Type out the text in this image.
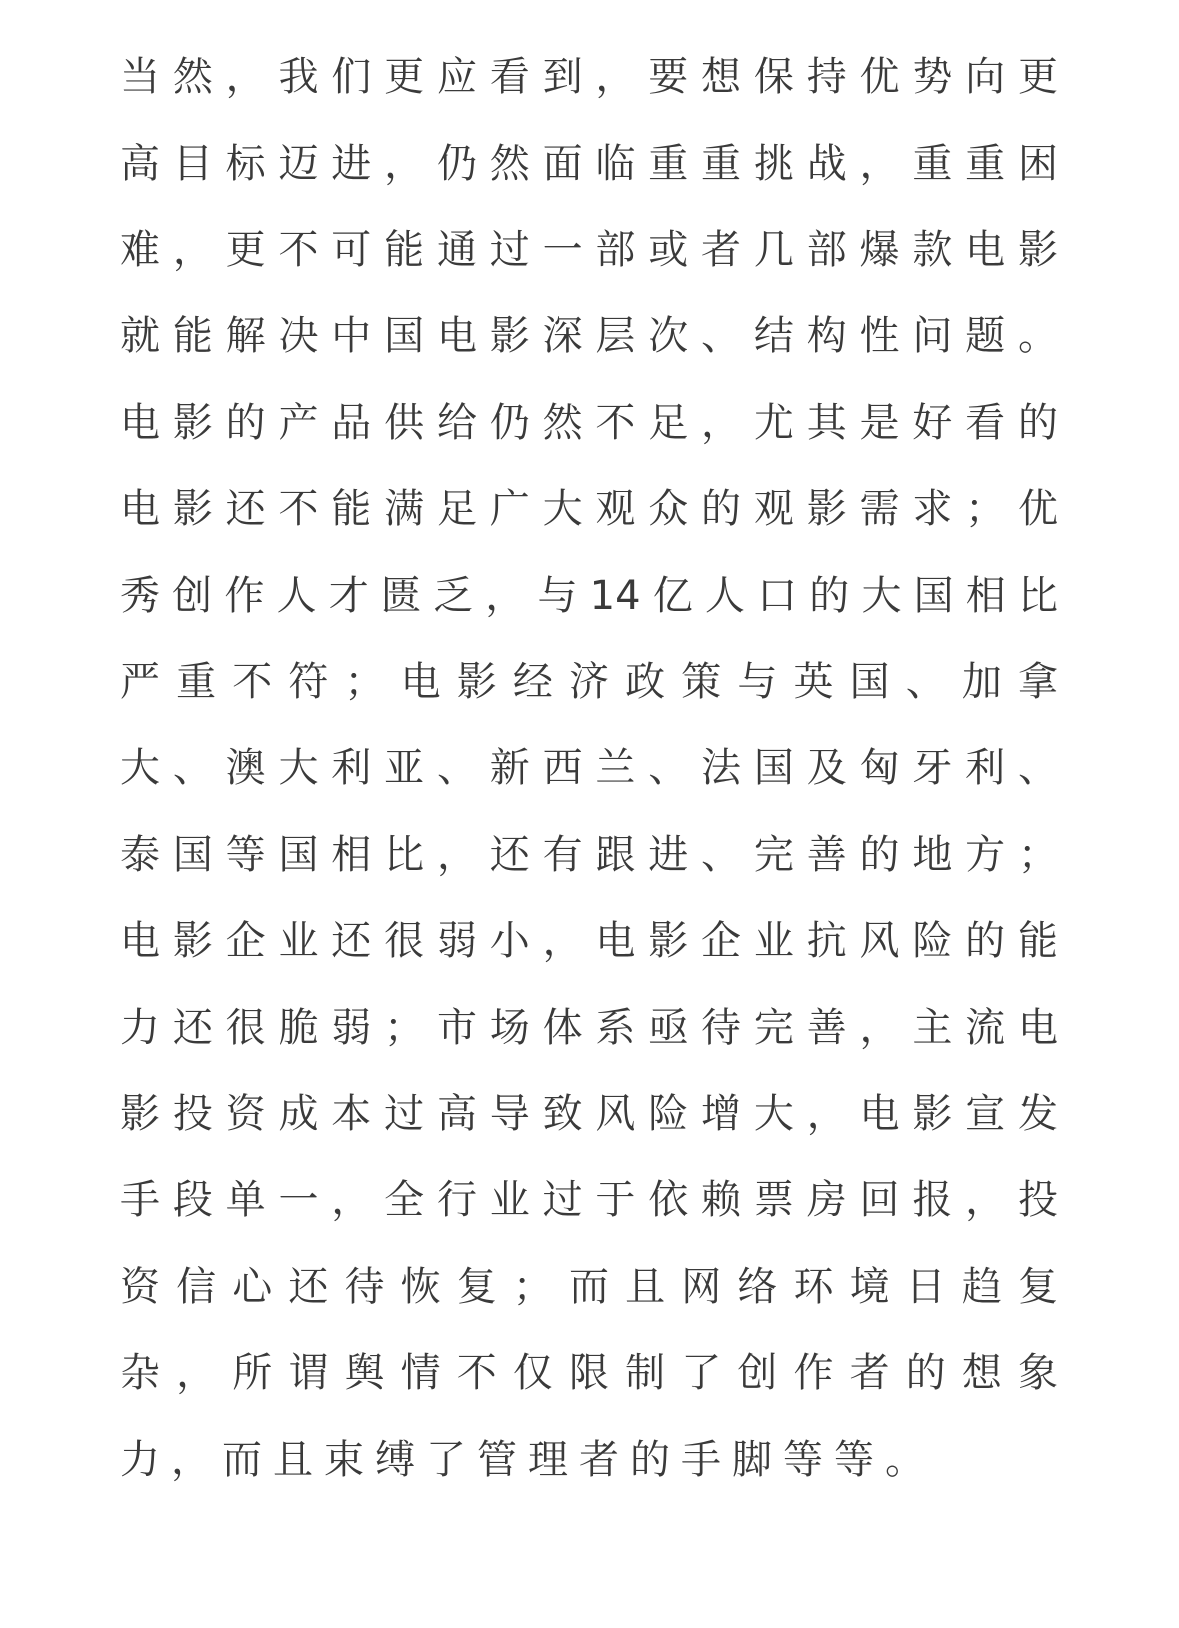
当然，我们更应看到，要想保持优势向更
高目标迈进，仍然面临重重挑战，重重困
难，更不可能通过一部或者几部爆款电影
就能解决中国电影深层次、结构性问题。
电影的产品供给仍然不足，尤其是好看的
电影还不能满足广大观众的观影需求；优
秀创作人才匮乏，与14亿人口的大国相比
严重不符；电影经济政策与英国、加拿
大、澳大利亚、新西兰、法国及匈牙利、
泰国等国相比，还有跟进、完善的地方；
电影企业还很弱小，电影企业抗风险的能
力还很脆弱；市场体系亟待完善，主流电
影投资成本过高导致风险增大，电影宣发
手段单一，全行业过于依赖票房回报，投
资信心还待恢复；而且网络环境日趋复
杂，所谓舆情不仅限制了创作者的想象
力，而且束缚了管理者的手脚等等。
